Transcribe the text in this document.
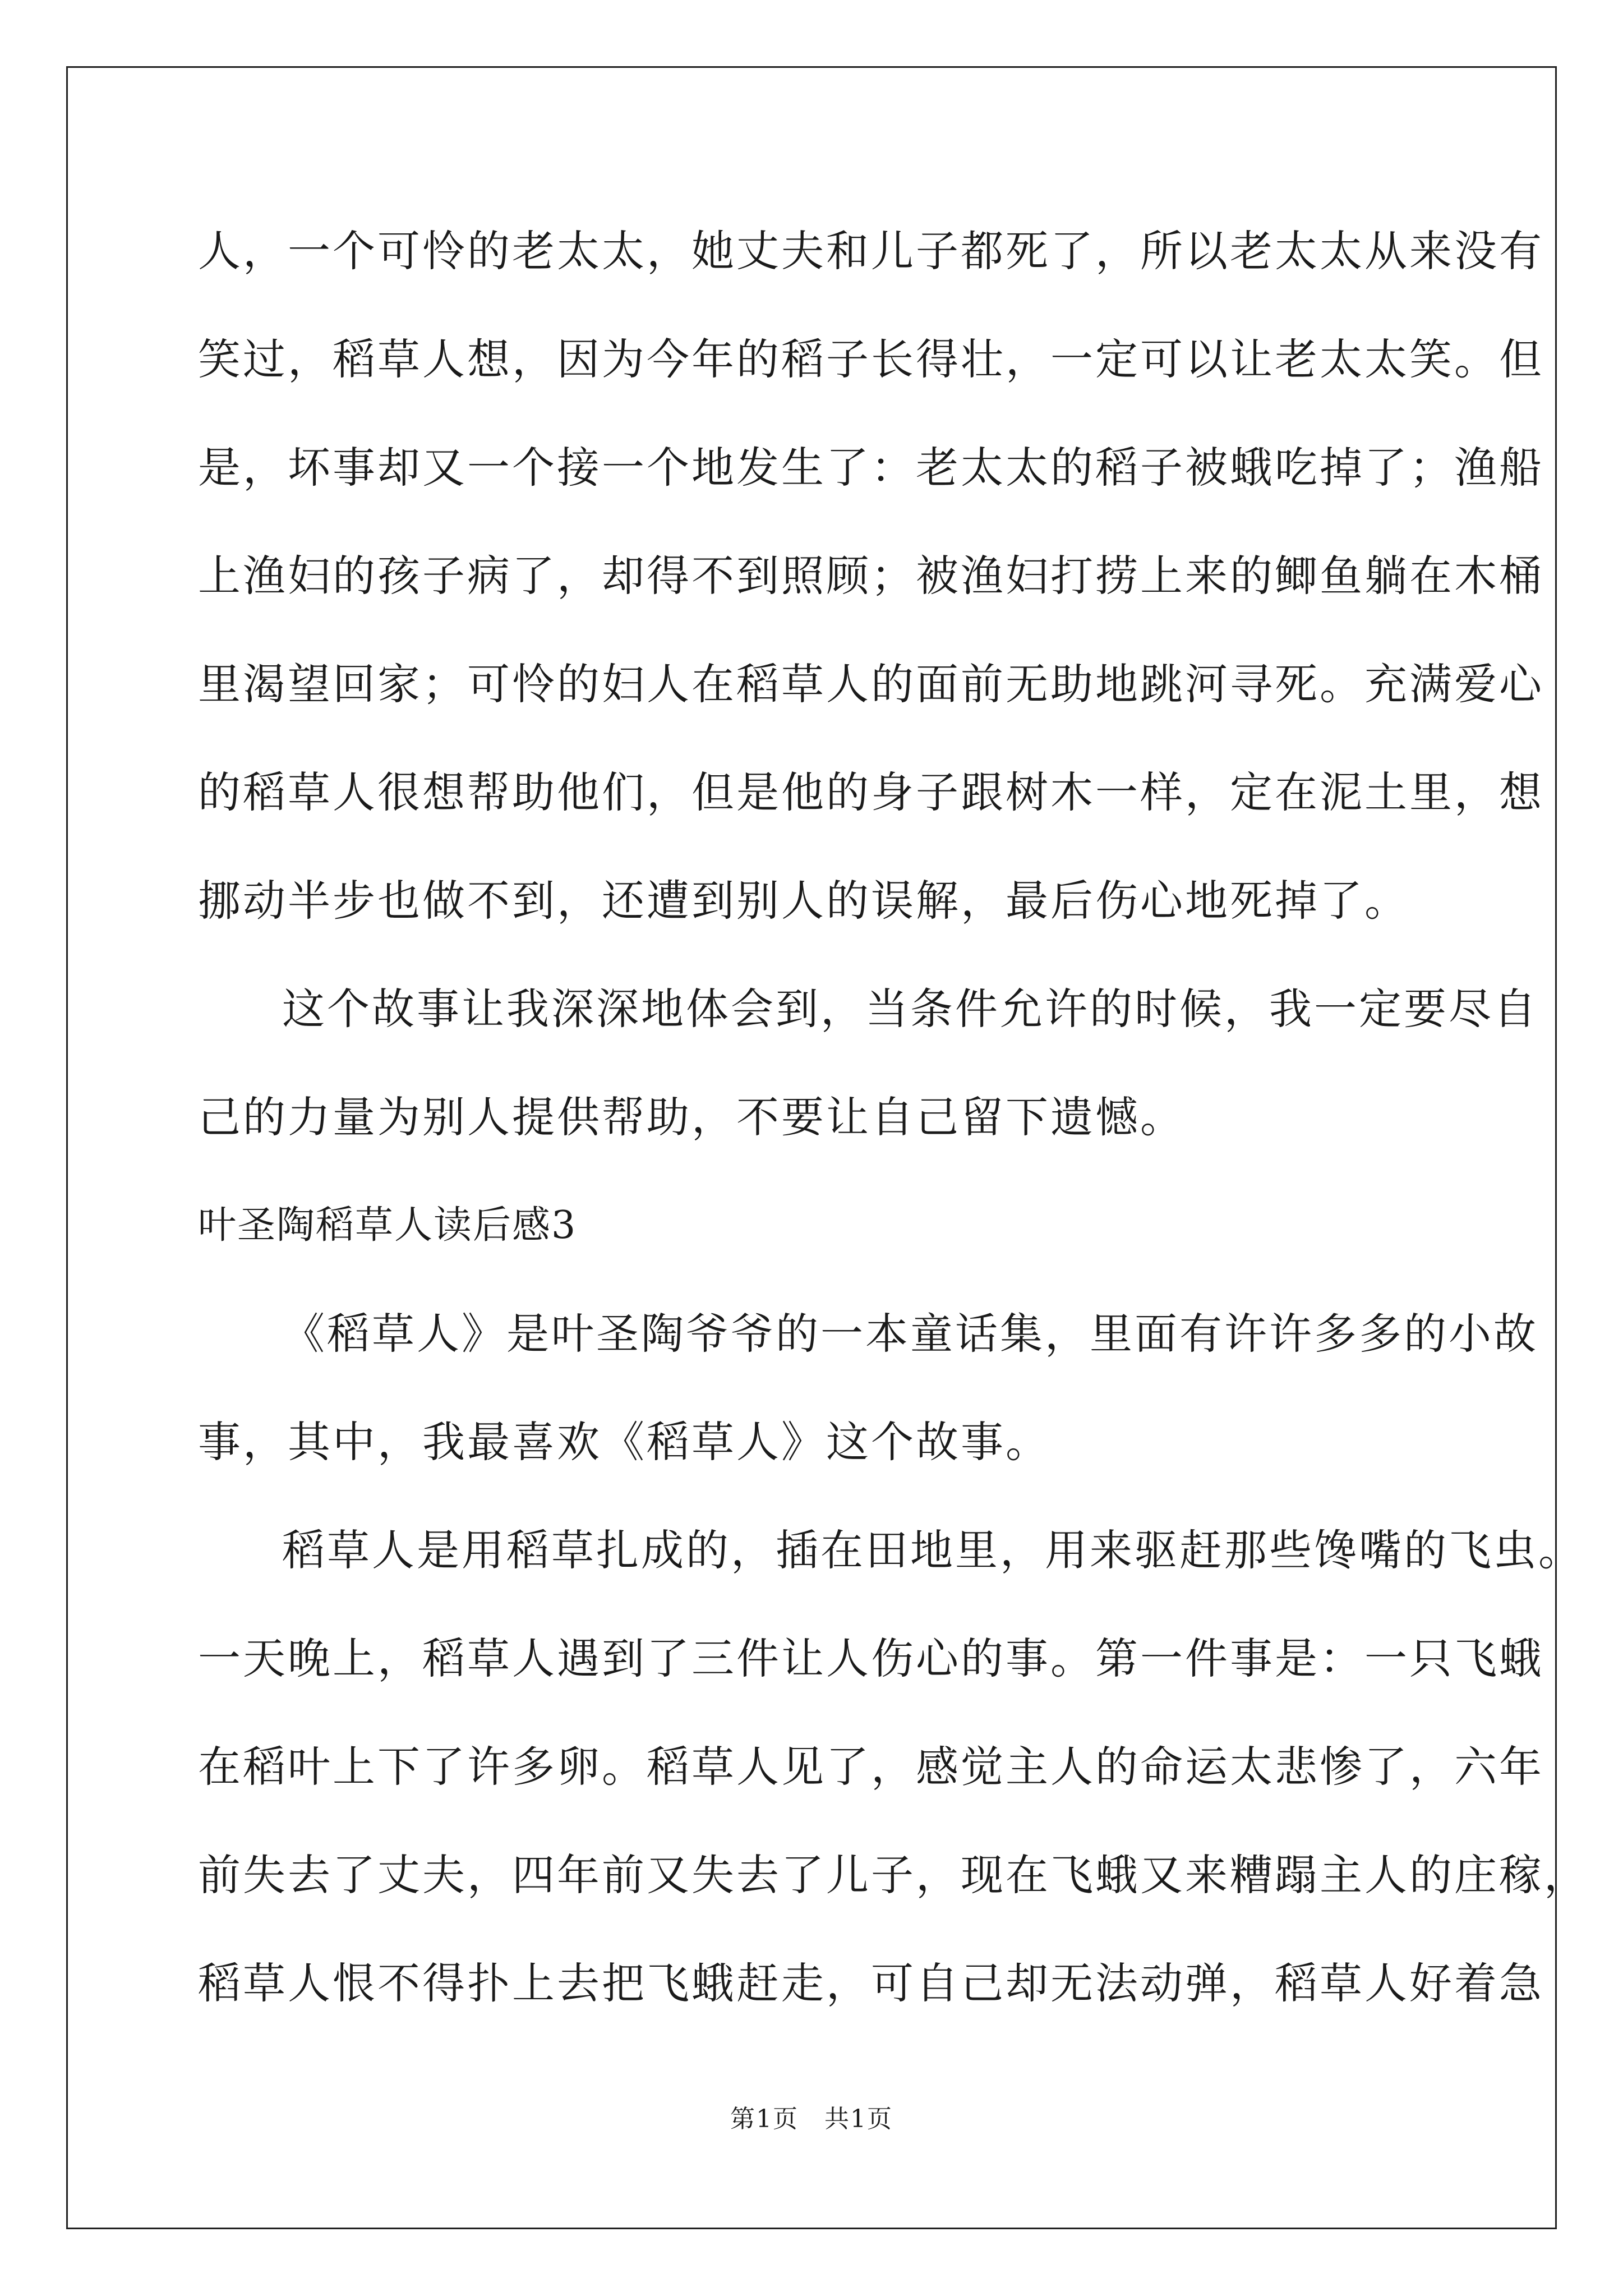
人，一个可怜的老太太，她丈夫和儿子都死了，所以老太太从来没有
笑过，稻草人想，因为今年的稻子长得壮，一定可以让老太太笑。但
是，坏事却又一个接一个地发生了：老太太的稻子被蛾吃掉了；渔船
上渔妇的孩子病了，却得不到照顾；被渔妇打捞上来的鲫鱼躺在木桶
里渴望回家；可怜的妇人在稻草人的面前无助地跳河寻死。充满爱心
的稻草人很想帮助他们，但是他的身子跟树木一样，定在泥土里，想
挪动半步也做不到，还遭到别人的误解，最后伤心地死掉了。
这个故事让我深深地体会到，当条件允许的时候，我一定要尽自
己的力量为别人提供帮助，不要让自己留下遗憾。
叶圣陶稻草人读后感3
《稻草人》是叶圣陶爷爷的一本童话集，里面有许许多多的小故
事，其中，我最喜欢《稻草人》这个故事。
稻草人是用稻草扎成的，插在田地里，用来驱赶那些馋嘴的飞虫。
一天晚上，稻草人遇到了三件让人伤心的事。第一件事是：一只飞蛾
在稻叶上下了许多卵。稻草人见了，感觉主人的命运太悲惨了，六年
前失去了丈夫，四年前又失去了儿子，现在飞蛾又来糟蹋主人的庄稼，
稻草人恨不得扑上去把飞蛾赶走，可自己却无法动弹，稻草人好着急
第1页　共1页
